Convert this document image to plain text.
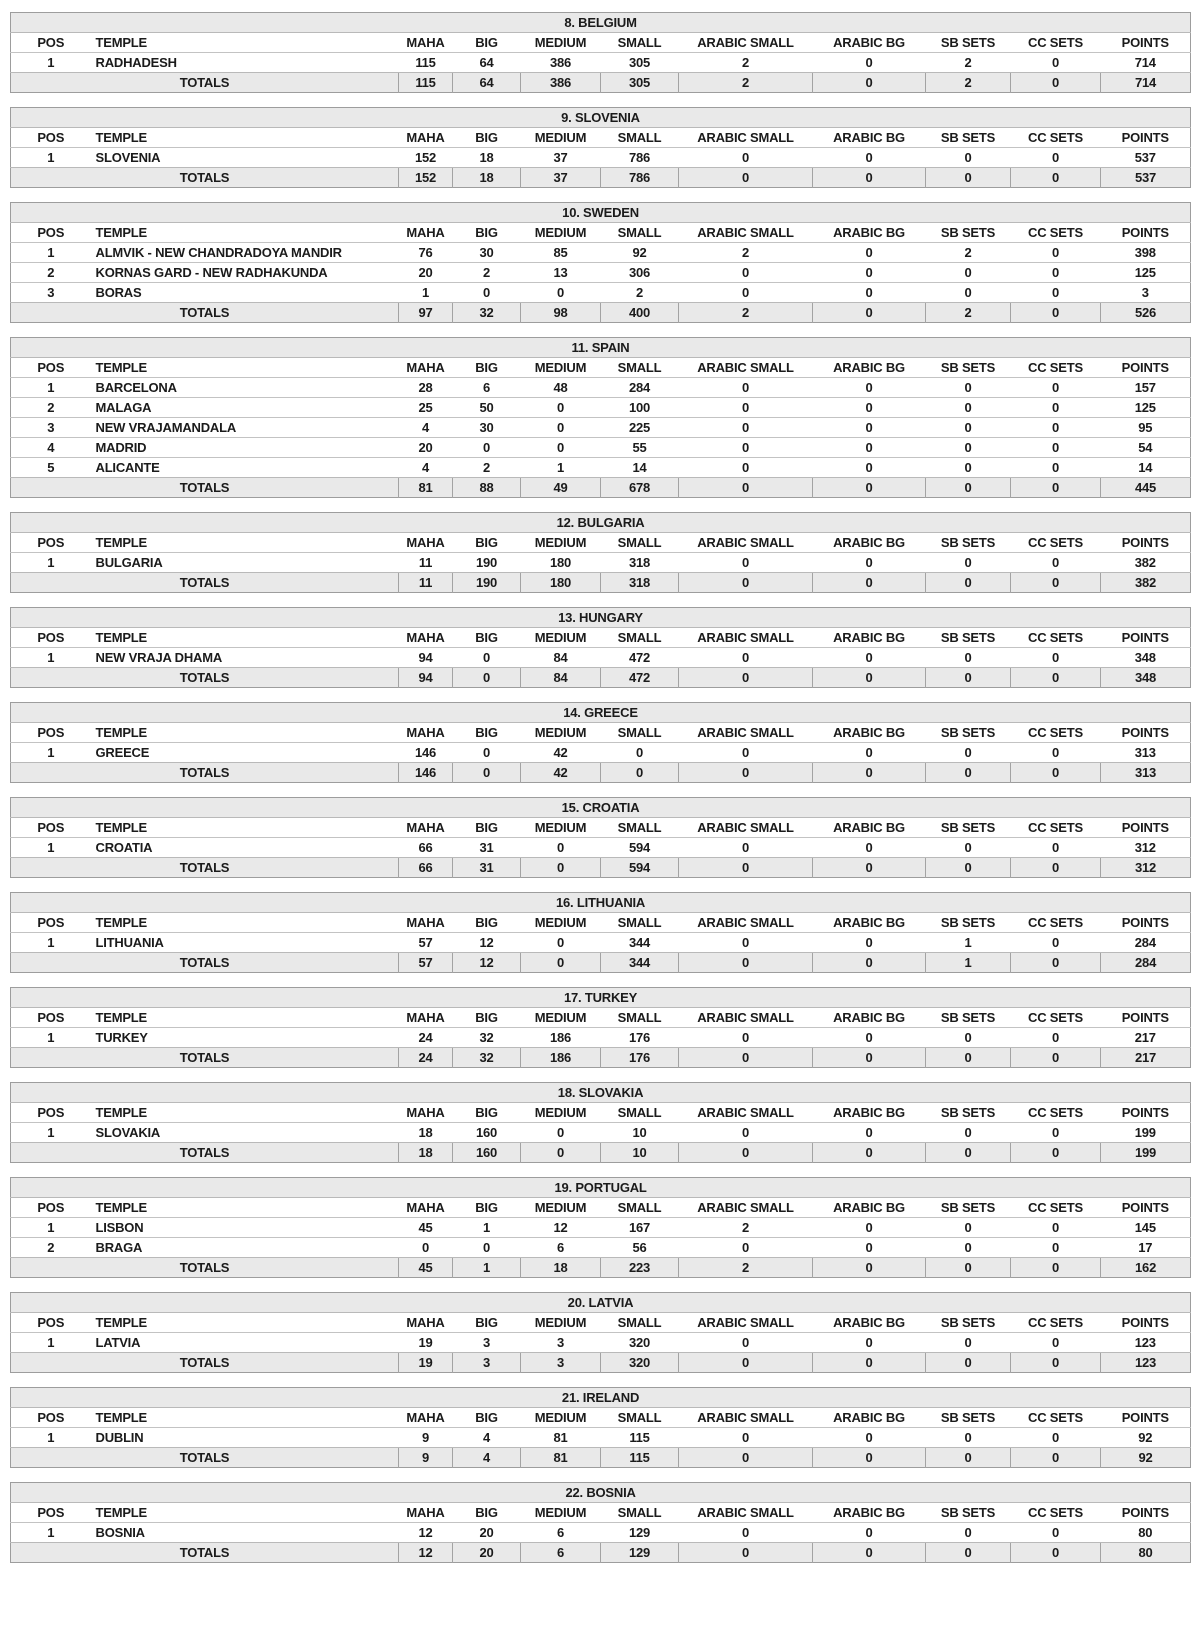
8. BELGIUM										
POS	TEMPLE	MAHA	BIG	MEDIUM	SMALL	ARABIC SMALL	ARABIC BG	SB SETS	CC SETS	POINTS
1	RADHADESH	115	64	386	305	2	0	2	0	714
TOTALS		115	64	386	305	2	0	2	0	714
9. SLOVENIA										
POS	TEMPLE	MAHA	BIG	MEDIUM	SMALL	ARABIC SMALL	ARABIC BG	SB SETS	CC SETS	POINTS
1	SLOVENIA	152	18	37	786	0	0	0	0	537
TOTALS		152	18	37	786	0	0	0	0	537
10. SWEDEN										
POS	TEMPLE	MAHA	BIG	MEDIUM	SMALL	ARABIC SMALL	ARABIC BG	SB SETS	CC SETS	POINTS
1	ALMVIK - NEW CHANDRADOYA MANDIR	76	30	85	92	2	0	2	0	398
2	KORNAS GARD - NEW RADHAKUNDA	20	2	13	306	0	0	0	0	125
3	BORAS	1	0	0	2	0	0	0	0	3
TOTALS		97	32	98	400	2	0	2	0	526
11. SPAIN										
POS	TEMPLE	MAHA	BIG	MEDIUM	SMALL	ARABIC SMALL	ARABIC BG	SB SETS	CC SETS	POINTS
1	BARCELONA	28	6	48	284	0	0	0	0	157
2	MALAGA	25	50	0	100	0	0	0	0	125
3	NEW VRAJAMANDALA	4	30	0	225	0	0	0	0	95
4	MADRID	20	0	0	55	0	0	0	0	54
5	ALICANTE	4	2	1	14	0	0	0	0	14
TOTALS		81	88	49	678	0	0	0	0	445
12. BULGARIA										
POS	TEMPLE	MAHA	BIG	MEDIUM	SMALL	ARABIC SMALL	ARABIC BG	SB SETS	CC SETS	POINTS
1	BULGARIA	11	190	180	318	0	0	0	0	382
TOTALS		11	190	180	318	0	0	0	0	382
13. HUNGARY										
POS	TEMPLE	MAHA	BIG	MEDIUM	SMALL	ARABIC SMALL	ARABIC BG	SB SETS	CC SETS	POINTS
1	NEW VRAJA DHAMA	94	0	84	472	0	0	0	0	348
TOTALS		94	0	84	472	0	0	0	0	348
14. GREECE										
POS	TEMPLE	MAHA	BIG	MEDIUM	SMALL	ARABIC SMALL	ARABIC BG	SB SETS	CC SETS	POINTS
1	GREECE	146	0	42	0	0	0	0	0	313
TOTALS		146	0	42	0	0	0	0	0	313
15. CROATIA										
POS	TEMPLE	MAHA	BIG	MEDIUM	SMALL	ARABIC SMALL	ARABIC BG	SB SETS	CC SETS	POINTS
1	CROATIA	66	31	0	594	0	0	0	0	312
TOTALS		66	31	0	594	0	0	0	0	312
16. LITHUANIA										
POS	TEMPLE	MAHA	BIG	MEDIUM	SMALL	ARABIC SMALL	ARABIC BG	SB SETS	CC SETS	POINTS
1	LITHUANIA	57	12	0	344	0	0	1	0	284
TOTALS		57	12	0	344	0	0	1	0	284
17. TURKEY										
POS	TEMPLE	MAHA	BIG	MEDIUM	SMALL	ARABIC SMALL	ARABIC BG	SB SETS	CC SETS	POINTS
1	TURKEY	24	32	186	176	0	0	0	0	217
TOTALS		24	32	186	176	0	0	0	0	217
18. SLOVAKIA										
POS	TEMPLE	MAHA	BIG	MEDIUM	SMALL	ARABIC SMALL	ARABIC BG	SB SETS	CC SETS	POINTS
1	SLOVAKIA	18	160	0	10	0	0	0	0	199
TOTALS		18	160	0	10	0	0	0	0	199
19. PORTUGAL										
POS	TEMPLE	MAHA	BIG	MEDIUM	SMALL	ARABIC SMALL	ARABIC BG	SB SETS	CC SETS	POINTS
1	LISBON	45	1	12	167	2	0	0	0	145
2	BRAGA	0	0	6	56	0	0	0	0	17
TOTALS		45	1	18	223	2	0	0	0	162
20. LATVIA										
POS	TEMPLE	MAHA	BIG	MEDIUM	SMALL	ARABIC SMALL	ARABIC BG	SB SETS	CC SETS	POINTS
1	LATVIA	19	3	3	320	0	0	0	0	123
TOTALS		19	3	3	320	0	0	0	0	123
21. IRELAND										
POS	TEMPLE	MAHA	BIG	MEDIUM	SMALL	ARABIC SMALL	ARABIC BG	SB SETS	CC SETS	POINTS
1	DUBLIN	9	4	81	115	0	0	0	0	92
TOTALS		9	4	81	115	0	0	0	0	92
22. BOSNIA										
POS	TEMPLE	MAHA	BIG	MEDIUM	SMALL	ARABIC SMALL	ARABIC BG	SB SETS	CC SETS	POINTS
1	BOSNIA	12	20	6	129	0	0	0	0	80
TOTALS		12	20	6	129	0	0	0	0	80
